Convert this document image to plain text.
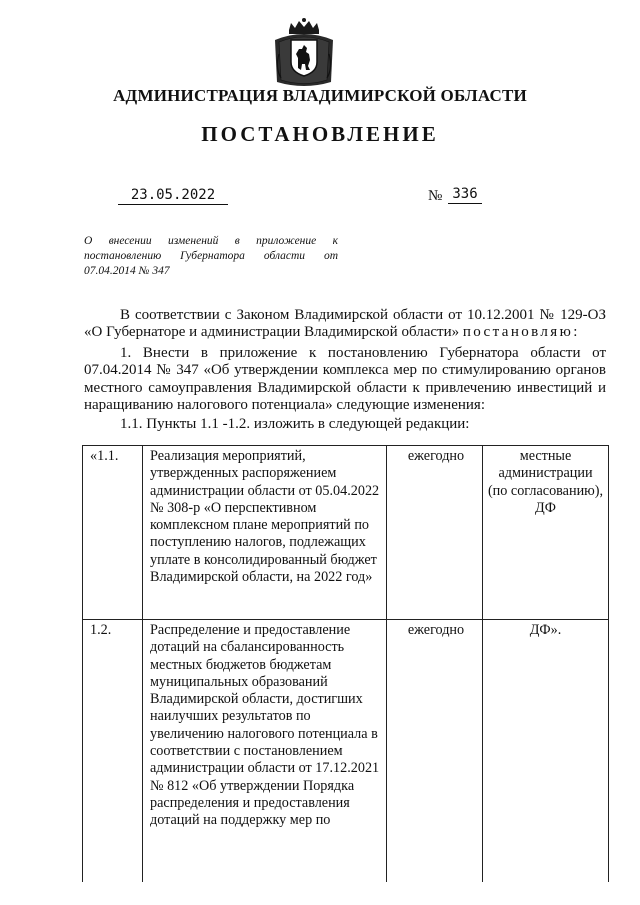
АДМИНИСТРАЦИЯ ВЛАДИМИРСКОЙ ОБЛАСТИ
ПОСТАНОВЛЕНИЕ
23.05.2022	№ 336
О внесении изменений в приложение к постановлению Губернатора области от 07.04.2014 № 347
В соответствии с Законом Владимирской области от 10.12.2001 № 129-ОЗ «О Губернаторе и администрации Владимирской области» постановляю:
1. Внести в приложение к постановлению Губернатора области от 07.04.2014 № 347 «Об утверждении комплекса мер по стимулированию органов местного самоуправления Владимирской области к привлечению инвестиций и наращиванию налогового потенциала» следующие изменения:
1.1. Пункты 1.1 -1.2. изложить в следующей редакции:
«1.1.	Реализация мероприятий, утвержденных распоряжением администрации области от 05.04.2022 № 308-р «О перспективном комплексном плане мероприятий по поступлению налогов, подлежащих уплате в консолидированный бюджет Владимирской области, на 2022 год»	ежегодно	местные администрации (по согласованию), ДФ
1.2.	Распределение и предоставление дотаций на сбалансированность местных бюджетов бюджетам муниципальных образований Владимирской области, достигших наилучших результатов по увеличению налогового потенциала в соответствии с постановлением администрации области от 17.12.2021 № 812 «Об утверждении Порядка распределения и предоставления дотаций на поддержку мер по	ежегодно	ДФ».
